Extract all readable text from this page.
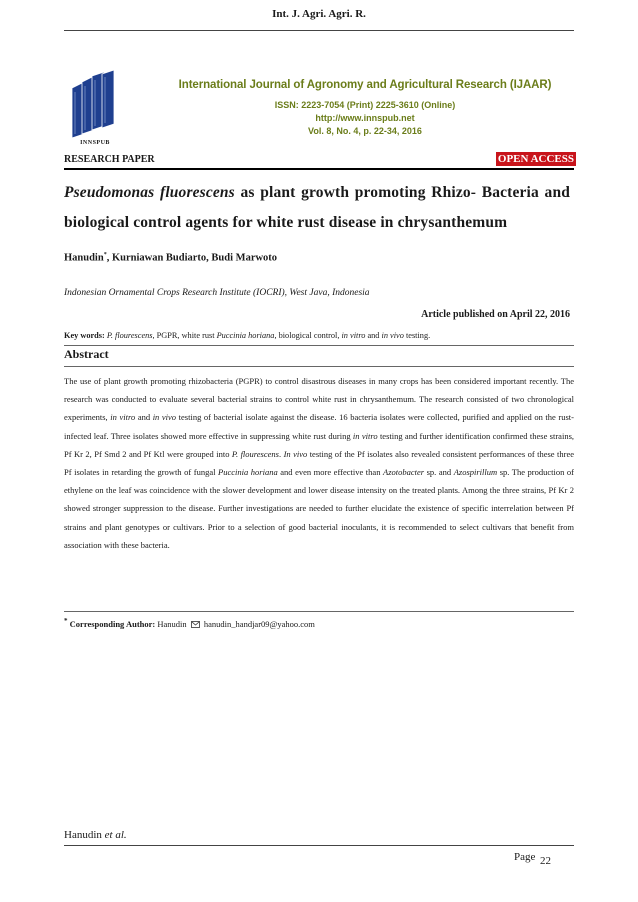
Int. J. Agri. Agri. R.
INNSPUB
International Journal of Agronomy and Agricultural Research (IJAAR)
ISSN: 2223-7054 (Print) 2225-3610 (Online)
http://www.innspub.net
Vol. 8, No. 4, p. 22-34, 2016
RESEARCH PAPER	OPEN ACCESS
Pseudomonas fluorescens as plant growth promoting Rhizo- Bacteria and biological control agents for white rust disease in chrysanthemum
Hanudin*, Kurniawan Budiarto, Budi Marwoto
Indonesian Ornamental Crops Research Institute (IOCRI), West Java, Indonesia
Article published on April 22, 2016
Key words: P. flourescens, PGPR, white rust Puccinia horiana, biological control, in vitro and in vivo testing.
Abstract

The use of plant growth promoting rhizobacteria (PGPR) to control disastrous diseases in many crops has been considered important recently. The research was conducted to evaluate several bacterial strains to control white rust in chrysanthemum. The research consisted of two chronological experiments, in vitro and in vivo testing of bacterial isolate against the disease. 16 bacteria isolates were collected, purified and applied on the rust-infected leaf. Three isolates showed more effective in suppressing white rust during in vitro testing and further identification confirmed these strains, Pf Kr 2, Pf Smd 2 and Pf Ktl were grouped into P. flourescens. In vivo testing of the Pf isolates also revealed consistent performances of these three Pf isolates in retarding the growth of fungal Puccinia horiana and even more effective than Azotobacter sp. and Azospirillum sp. The production of ethylene on the leaf was coincidence with the slower development and lower disease intensity on the treated plants. Among the three strains, Pf Kr 2 showed stronger suppression to the disease. Further investigations are needed to further elucidate the existence of specific interrelation between Pf strains and plant genotypes or cultivars. Prior to a selection of good bacterial inoculants, it is recommended to select cultivars that benefit from association with these bacteria.

* Corresponding Author: Hanudin hanudin_handjar09@yahoo.com
Hanudin et al.
Page 22
